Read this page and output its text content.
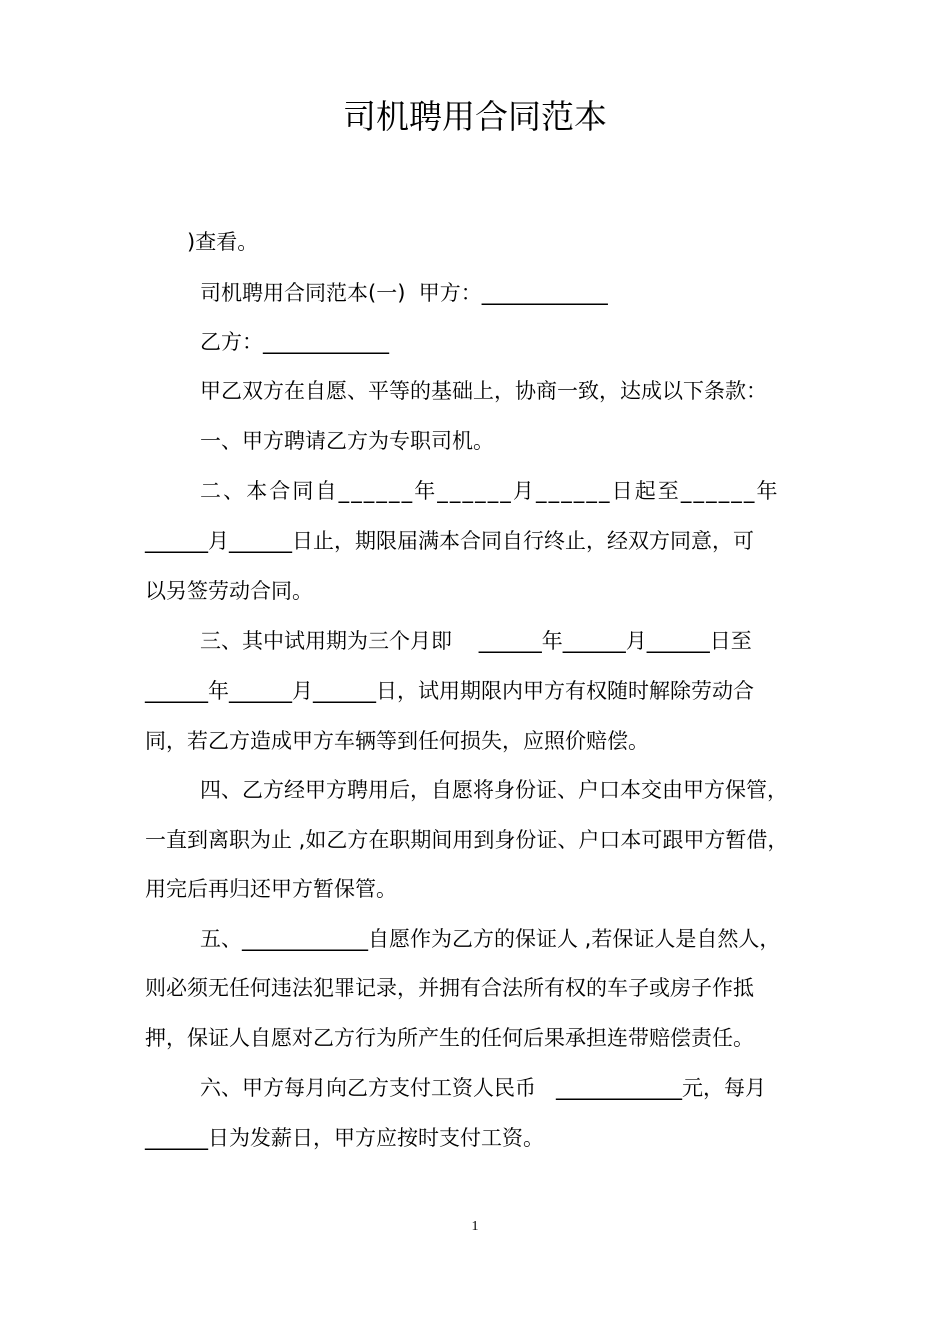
司机聘用合同范本
)查看。
司机聘用合同范本(一)  甲方：____________
乙方：____________
甲乙双方在自愿、平等的基础上，协商一致，达成以下条款：
一、甲方聘请乙方为专职司机。
二、本合同自______年______月______日起至______年
______月______日止，期限届满本合同自行终止，经双方同意，可
以另签劳动合同。
三、其中试用期为三个月即    ______年______月______日至
______年______月______日，试用期限内甲方有权随时解除劳动合
同，若乙方造成甲方车辆等到任何损失，应照价赔偿。
四、乙方经甲方聘用后，自愿将身份证、户口本交由甲方保管，
一直到离职为止 ,如乙方在职期间用到身份证、户口本可跟甲方暂借，
用完后再归还甲方暂保管。
五、____________自愿作为乙方的保证人 ,若保证人是自然人，
则必须无任何违法犯罪记录，并拥有合法所有权的车子或房子作抵
押，保证人自愿对乙方行为所产生的任何后果承担连带赔偿责任。
六、甲方每月向乙方支付工资人民币   ____________元，每月
______日为发薪日，甲方应按时支付工资。
1
